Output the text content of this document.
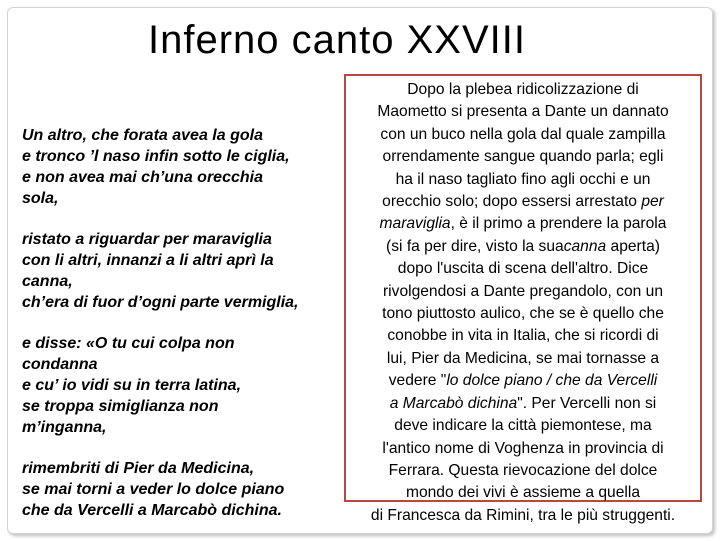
Inferno canto XXVIII

Un altro, che forata avea la gola
e tronco ’l naso infin sotto le ciglia,
e non avea mai ch’una orecchia
sola,

ristato a riguardar per maraviglia
con li altri, innanzi a li altri aprì la
canna,
ch’era di fuor d’ogni parte vermiglia,

e disse: «O tu cui colpa non
condanna
e cu’ io vidi su in terra latina,
se troppa simiglianza non
m’inganna,

rimembriti di Pier da Medicina,
se mai torni a veder lo dolce piano
che da Vercelli a Marcabò dichina.

Dopo la plebea ridicolizzazione di
Maometto si presenta a Dante un dannato
con un buco nella gola dal quale zampilla
orrendamente sangue quando parla; egli
ha il naso tagliato fino agli occhi e un
orecchio solo; dopo essersi arrestato per
maraviglia, è il primo a prendere la parola
(si fa per dire, visto la suacanna aperta)
dopo l'uscita di scena dell'altro. Dice
rivolgendosi a Dante pregandolo, con un
tono piuttosto aulico, che se è quello che
conobbe in vita in Italia, che si ricordi di
lui, Pier da Medicina, se mai tornasse a
vedere "lo dolce piano / che da Vercelli
a Marcabò dichina". Per Vercelli non si
deve indicare la città piemontese, ma
l'antico nome di Voghenza in provincia di
Ferrara. Questa rievocazione del dolce
mondo dei vivi è assieme a quella
di Francesca da Rimini, tra le più struggenti.
